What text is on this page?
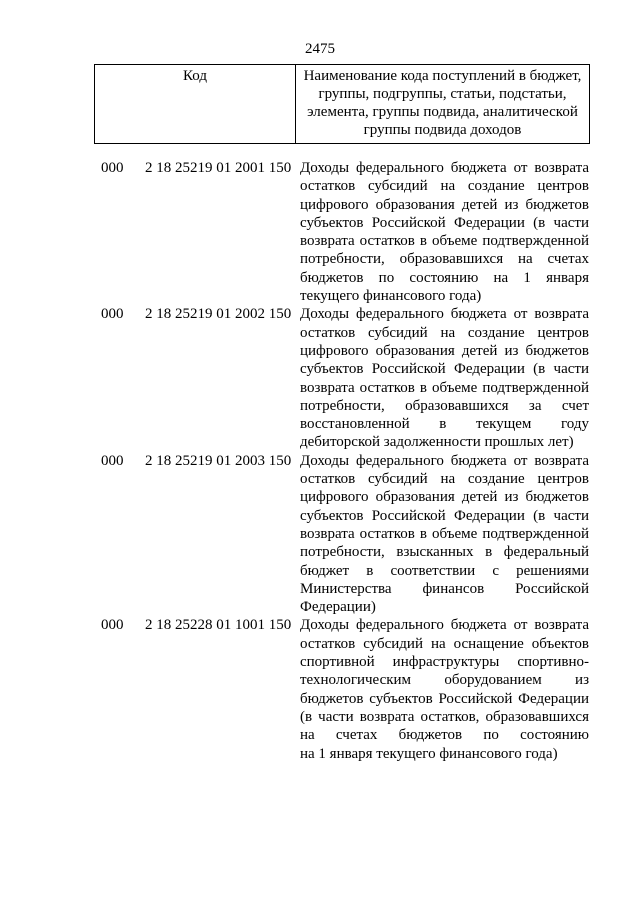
2475
Код	Наименование кода поступлений в бюджет, группы, подгруппы, статьи, подстатьи, элемента, группы подвида, аналитической группы подвида доходов
000 2 18 25219 01 2001 150 Доходы федерального бюджета от возврата
остатков субсидий на создание центров
цифрового образования детей из бюджетов
субъектов Российской Федерации (в части
возврата остатков в объеме подтвержденной
потребности, образовавшихся на счетах
бюджетов по состоянию на 1 января
текущего финансового года)
000 2 18 25219 01 2002 150 Доходы федерального бюджета от возврата
остатков субсидий на создание центров
цифрового образования детей из бюджетов
субъектов Российской Федерации (в части
возврата остатков в объеме подтвержденной
потребности, образовавшихся за счет
восстановленной в текущем году
дебиторской задолженности прошлых лет)
000 2 18 25219 01 2003 150 Доходы федерального бюджета от возврата
остатков субсидий на создание центров
цифрового образования детей из бюджетов
субъектов Российской Федерации (в части
возврата остатков в объеме подтвержденной
потребности, взысканных в федеральный
бюджет в соответствии с решениями
Министерства финансов Российской
Федерации)
000 2 18 25228 01 1001 150 Доходы федерального бюджета от возврата
остатков субсидий на оснащение объектов
спортивной инфраструктуры спортивно-
технологическим оборудованием из
бюджетов субъектов Российской Федерации
(в части возврата остатков, образовавшихся
на счетах бюджетов по состоянию
на 1 января текущего финансового года)
